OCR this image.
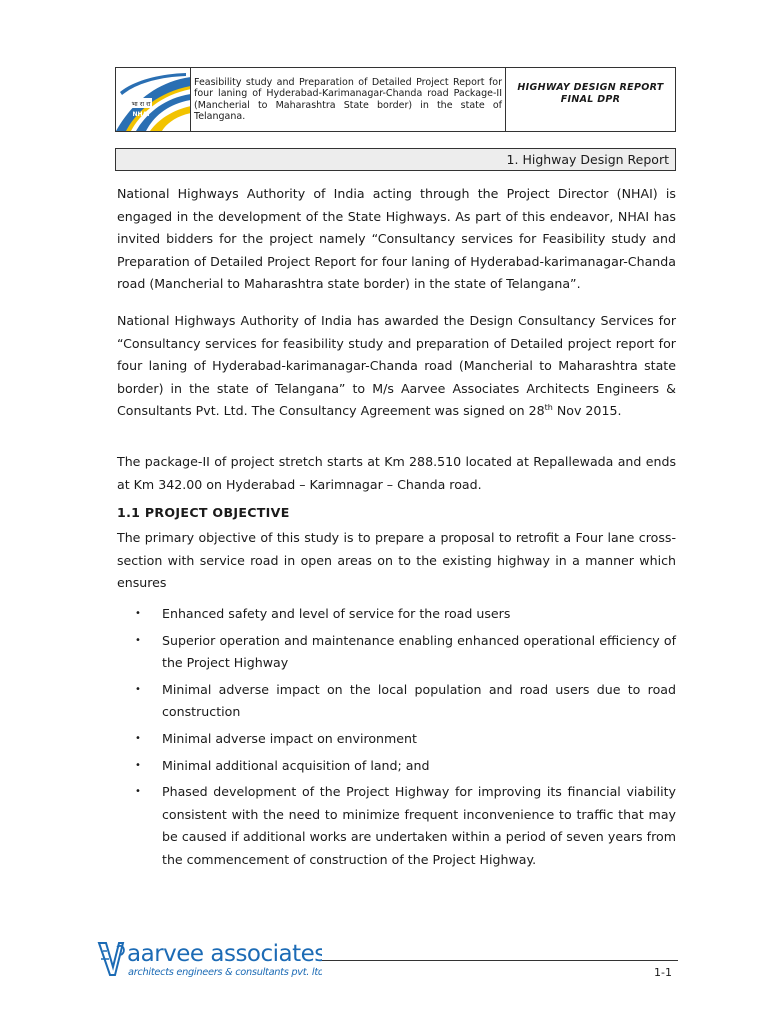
भा रा रा
NHAI
Feasibility study and Preparation of Detailed Project Report for four laning of Hyderabad-Karimanagar-Chanda road Package-II (Mancherial to Maharashtra State border) in the state of Telangana.
HIGHWAY DESIGN REPORT
FINAL DPR
1. Highway Design Report

National Highways Authority of India acting through the Project Director (NHAI) is engaged in the development of the State Highways. As part of this endeavor, NHAI has invited bidders for the project namely “Consultancy services for Feasibility study and Preparation of Detailed Project Report for four laning of Hyderabad-karimanagar-Chanda road (Mancherial to Maharashtra state border) in the state of Telangana”.

National Highways Authority of India has awarded the Design Consultancy Services for “Consultancy services for feasibility study and preparation of Detailed project report for four laning of Hyderabad-karimanagar-Chanda road (Mancherial to Maharashtra state border) in the state of Telangana” to M/s Aarvee Associates Architects Engineers & Consultants Pvt. Ltd. The Consultancy Agreement was signed on 28th Nov 2015.

The package-II of project stretch starts at Km 288.510 located at Repallewada and ends at Km 342.00 on Hyderabad – Karimnagar – Chanda road.

1.1 PROJECT OBJECTIVE

The primary objective of this study is to prepare a proposal to retrofit a Four lane cross-section with service road in open areas on to the existing highway in a manner which ensures

•	Enhanced safety and level of service for the road users
•	Superior operation and maintenance enabling enhanced operational efficiency of the Project Highway
•	Minimal adverse impact on the local population and road users due to road construction
•	Minimal adverse impact on environment
•	Minimal additional acquisition of land; and
•	Phased development of the Project Highway for improving its financial viability consistent with the need to minimize frequent inconvenience to traffic that may be caused if additional works are undertaken within a period of seven years from the commencement of construction of the Project Highway.
aarvee associates
architects engineers & consultants pvt. ltd	1-1
